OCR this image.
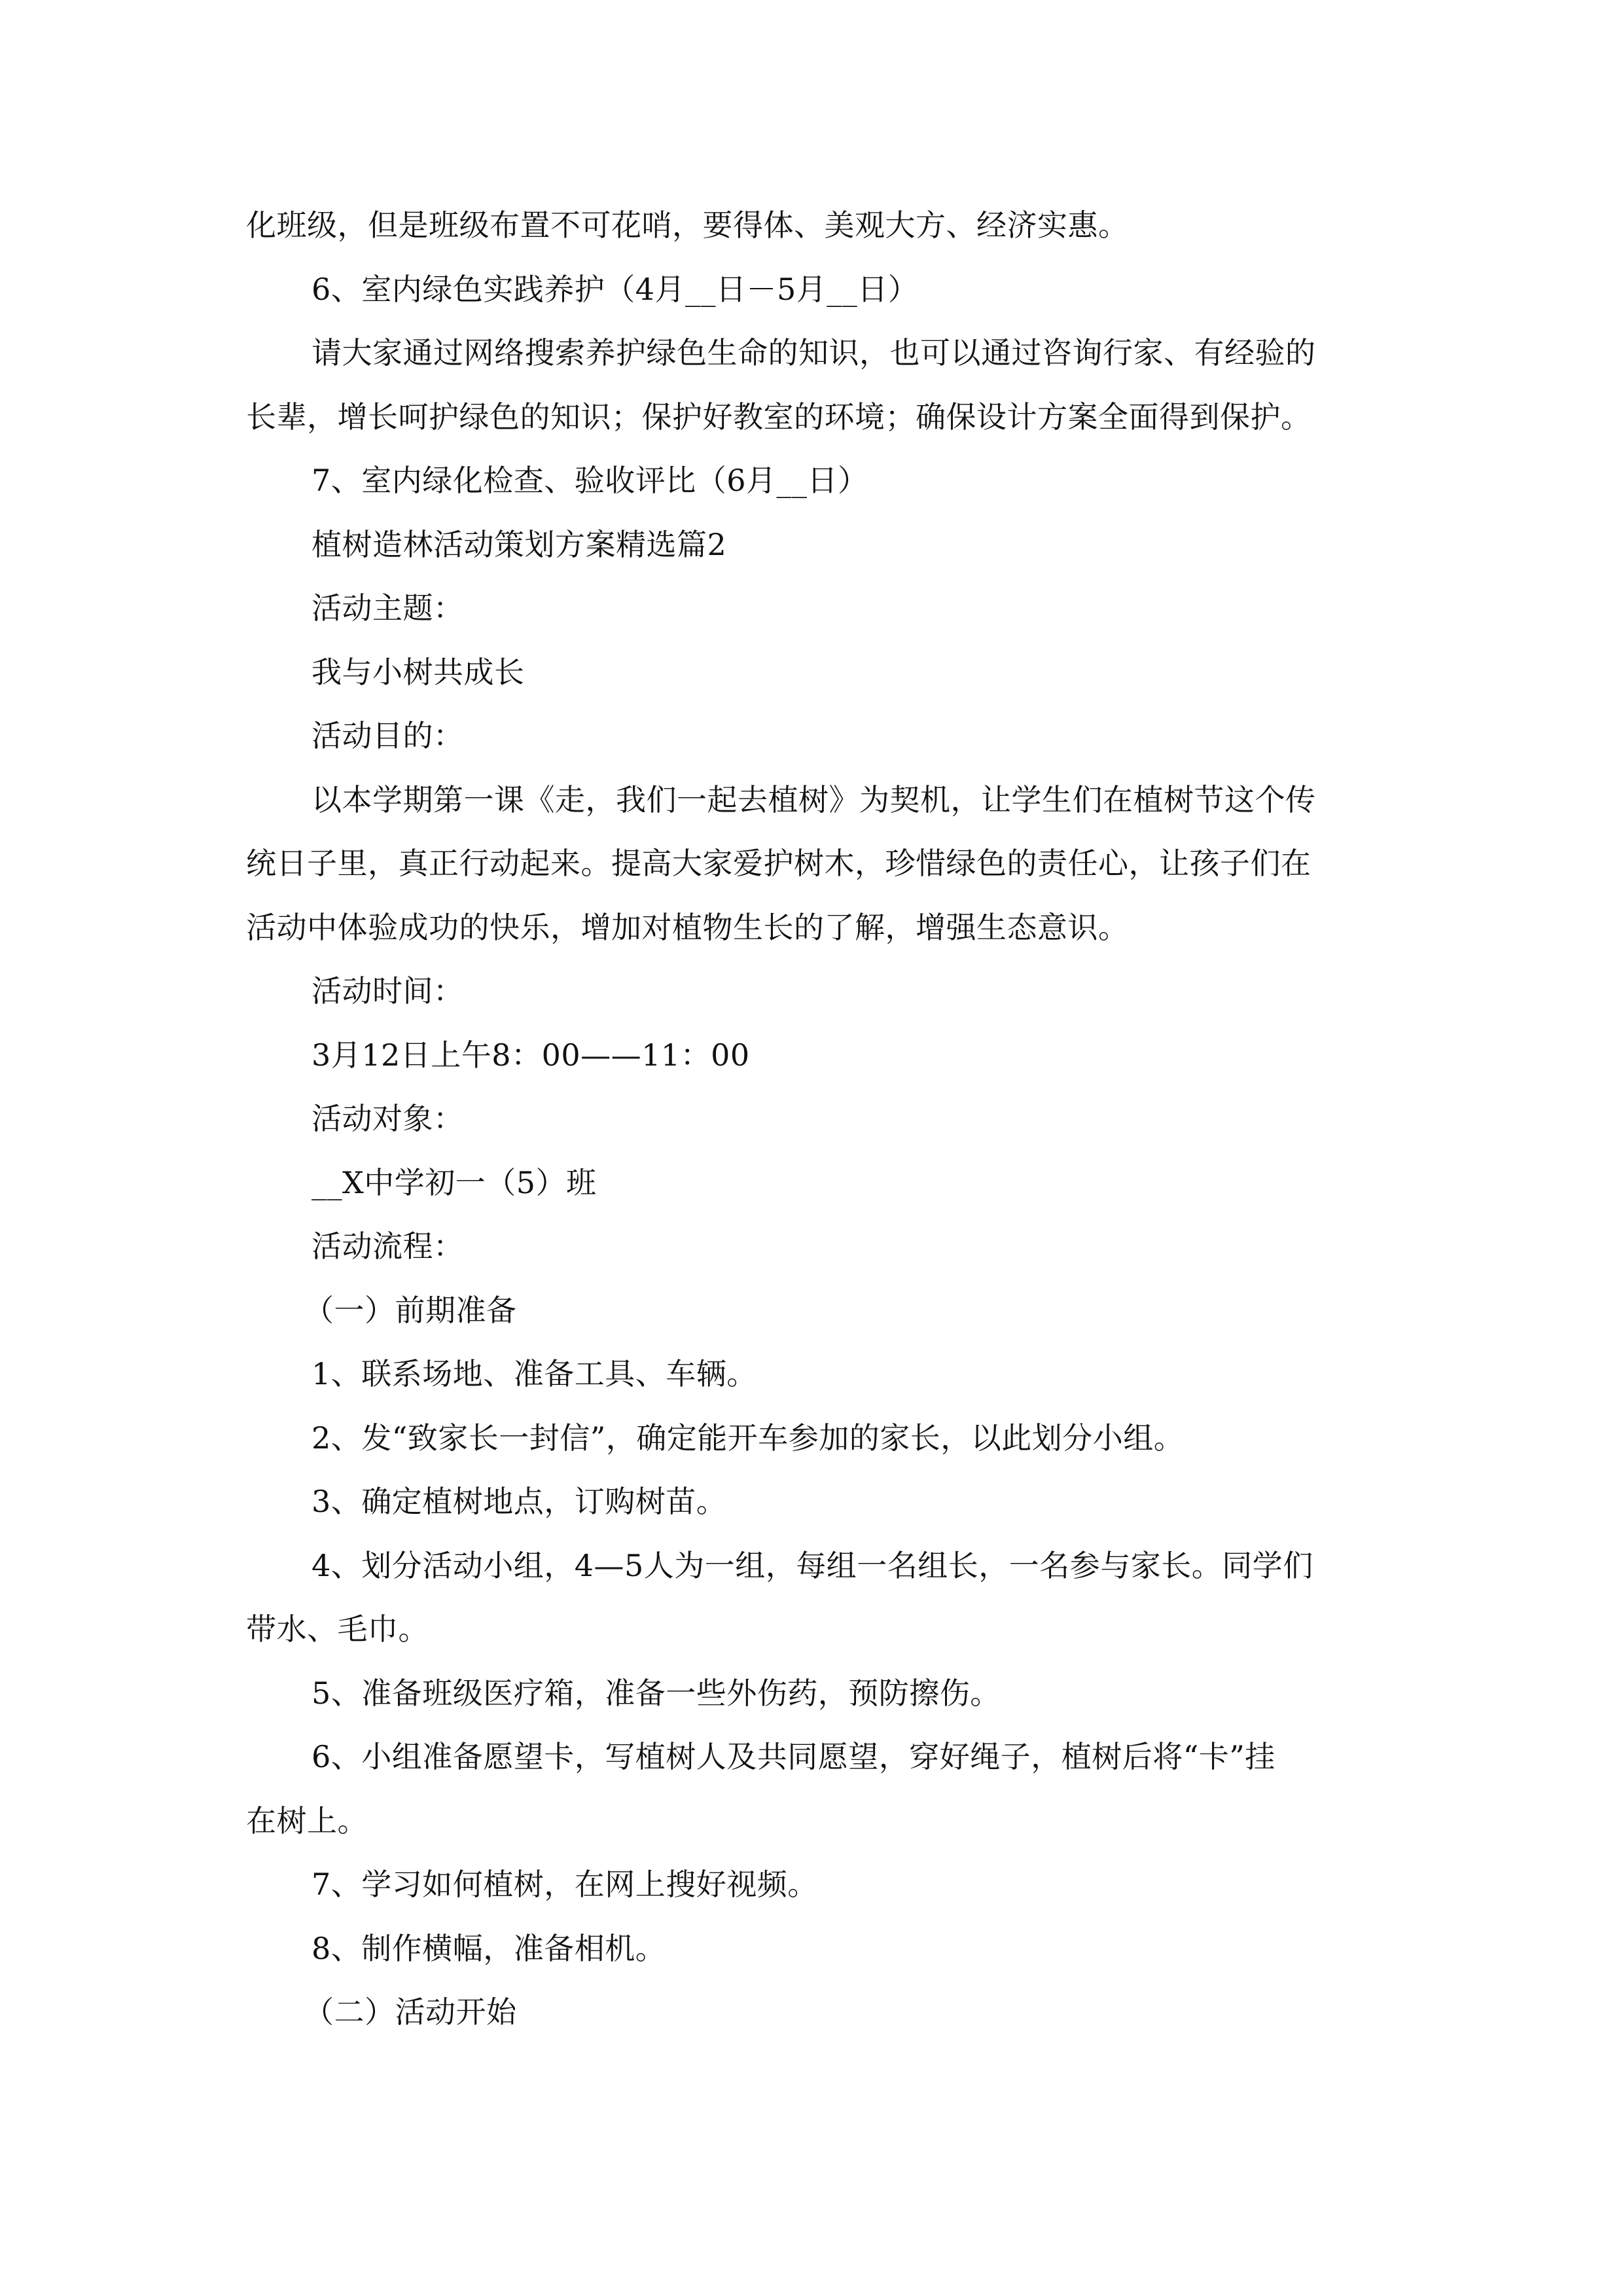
化班级，但是班级布置不可花哨，要得体、美观大方、经济实惠。
6、室内绿色实践养护（4月__日－5月__日）
请大家通过网络搜索养护绿色生命的知识，也可以通过咨询行家、有经验的
长辈，增长呵护绿色的知识；保护好教室的环境；确保设计方案全面得到保护。
7、室内绿化检查、验收评比（6月__日）
植树造林活动策划方案精选篇2
活动主题：
我与小树共成长
活动目的：
以本学期第一课《走，我们一起去植树》为契机，让学生们在植树节这个传
统日子里，真正行动起来。提高大家爱护树木，珍惜绿色的责任心，让孩子们在
活动中体验成功的快乐，增加对植物生长的了解，增强生态意识。
活动时间：
3月12日上午8：00——11：00
活动对象：
__X中学初一（5）班
活动流程：
（一）前期准备
1、联系场地、准备工具、车辆。
2、发“致家长一封信”，确定能开车参加的家长，以此划分小组。
3、确定植树地点，订购树苗。
4、划分活动小组，4—5人为一组，每组一名组长，一名参与家长。同学们
带水、毛巾。
5、准备班级医疗箱，准备一些外伤药，预防擦伤。
6、小组准备愿望卡，写植树人及共同愿望，穿好绳子，植树后将“卡”挂
在树上。
7、学习如何植树，在网上搜好视频。
8、制作横幅，准备相机。
（二）活动开始
